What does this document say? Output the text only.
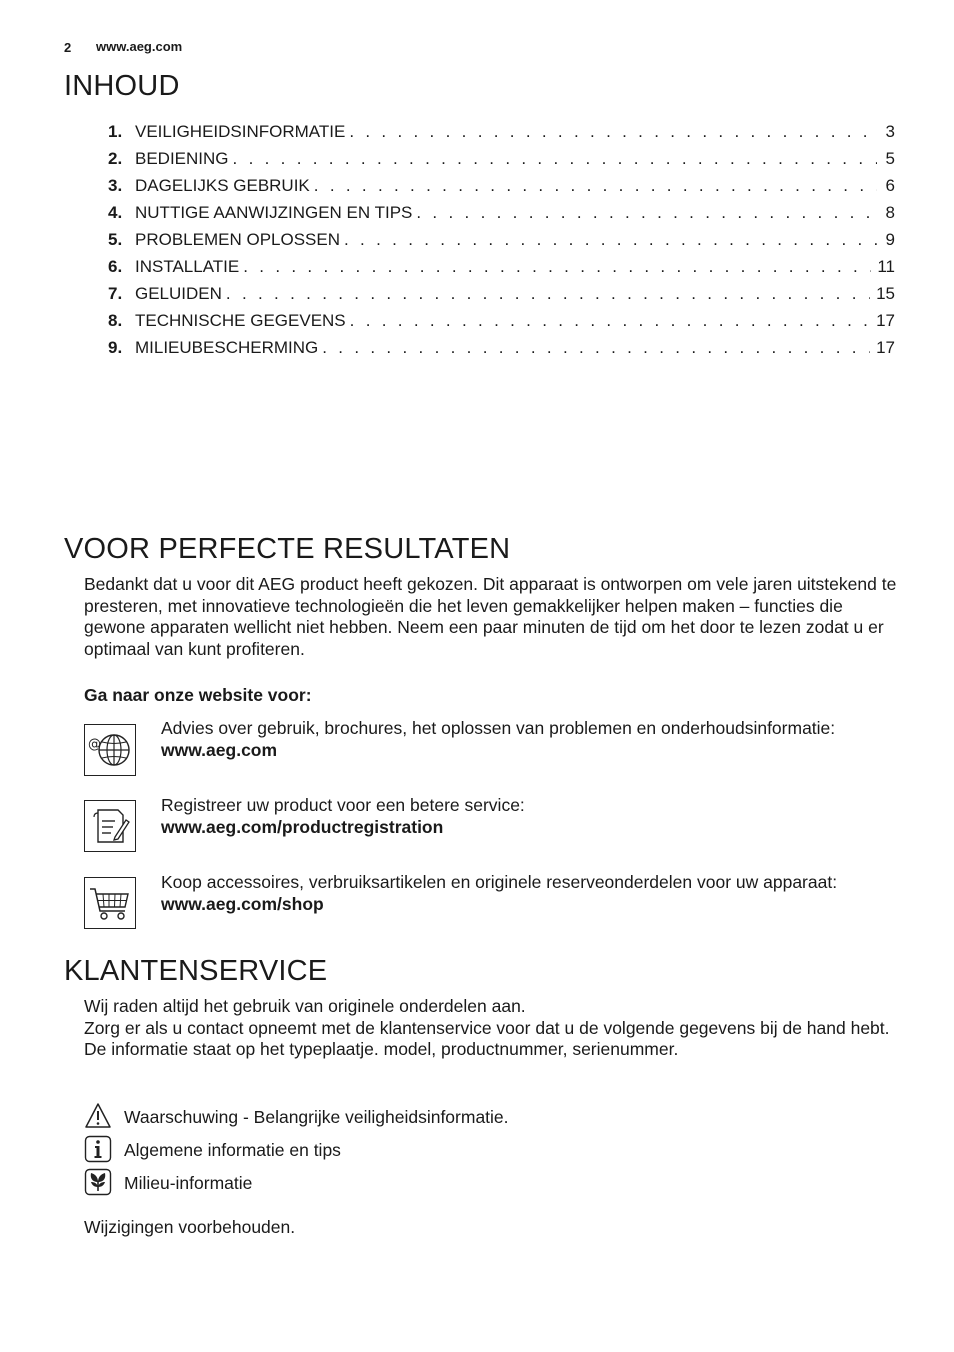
2 www.aeg.com
INHOUD
1. VEILIGHEIDSINFORMATIE . . .	3
2. BEDIENING . . .	5
3. DAGELIJKS GEBRUIK . . .	6
4. NUTTIGE AANWIJZINGEN EN TIPS . . .	8
5. PROBLEMEN OPLOSSEN . . .	9
6. INSTALLATIE . . .	11
7. GELUIDEN . . .	15
8. TECHNISCHE GEGEVENS . . .	17
9. MILIEUBESCHERMING . . .	17
VOOR PERFECTE RESULTATEN
Bedankt dat u voor dit AEG product heeft gekozen. Dit apparaat is ontworpen om vele jaren uitstekend te presteren, met innovatieve technologieën die het leven gemakkelijker helpen maken – functies die gewone apparaten wellicht niet hebben. Neem een paar minuten de tijd om het door te lezen zodat u er optimaal van kunt profiteren.
Ga naar onze website voor:
@
Advies over gebruik, brochures, het oplossen van problemen en onderhoudsinformatie:
www.aeg.com
Registreer uw product voor een betere service:
www.aeg.com/productregistration
Koop accessoires, verbruiksartikelen en originele reserveonderdelen voor uw apparaat:
www.aeg.com/shop
KLANTENSERVICE
Wij raden altijd het gebruik van originele onderdelen aan.
Zorg er als u contact opneemt met de klantenservice voor dat u de volgende gegevens bij de hand hebt.
De informatie staat op het typeplaatje. model, productnummer, serienummer.
Waarschuwing - Belangrijke veiligheidsinformatie.
Algemene informatie en tips
Milieu-informatie
Wijzigingen voorbehouden.
